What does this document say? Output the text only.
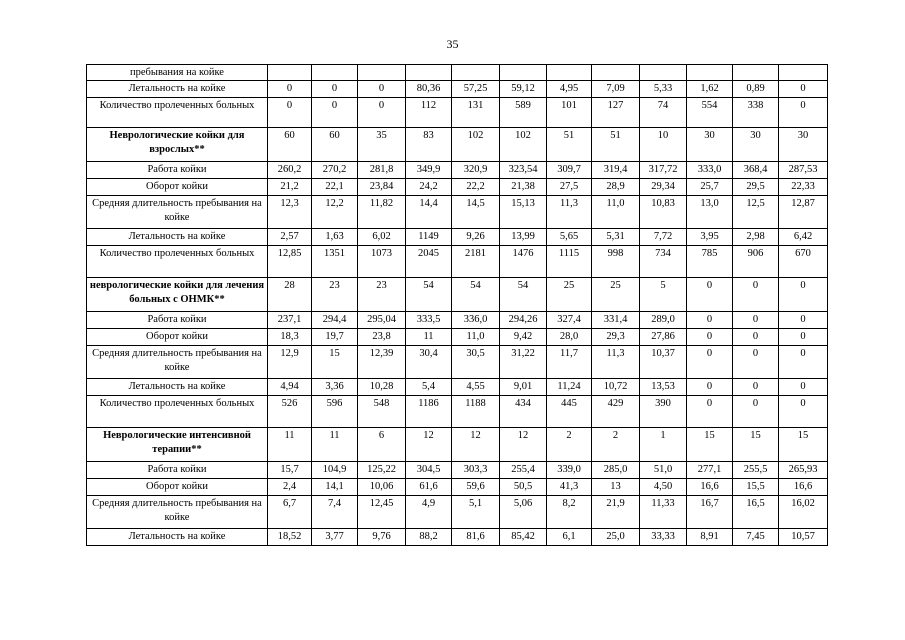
35
пребывания на койке												
Летальность на койке	0	0	0	80,36	57,25	59,12	4,95	7,09	5,33	1,62	0,89	0
Количество пролеченных больных	0	0	0	112	131	589	101	127	74	554	338	0
Неврологические койки для взрослых**	60	60	35	83	102	102	51	51	10	30	30	30
Работа койки	260,2	270,2	281,8	349,9	320,9	323,54	309,7	319,4	317,72	333,0	368,4	287,53
Оборот койки	21,2	22,1	23,84	24,2	22,2	21,38	27,5	28,9	29,34	25,7	29,5	22,33
Средняя длительность пребывания на койке	12,3	12,2	11,82	14,4	14,5	15,13	11,3	11,0	10,83	13,0	12,5	12,87
Летальность на койке	2,57	1,63	6,02	1149	9,26	13,99	5,65	5,31	7,72	3,95	2,98	6,42
Количество пролеченных больных	12,85	1351	1073	2045	2181	1476	1115	998	734	785	906	670
неврологические койки для лечения больных с ОНМК**	28	23	23	54	54	54	25	25	5	0	0	0
Работа койки	237,1	294,4	295,04	333,5	336,0	294,26	327,4	331,4	289,0	0	0	0
Оборот койки	18,3	19,7	23,8	11	11,0	9,42	28,0	29,3	27,86	0	0	0
Средняя длительность пребывания на койке	12,9	15	12,39	30,4	30,5	31,22	11,7	11,3	10,37	0	0	0
Летальность на койке	4,94	3,36	10,28	5,4	4,55	9,01	11,24	10,72	13,53	0	0	0
Количество пролеченных больных	526	596	548	1186	1188	434	445	429	390	0	0	0
Неврологические интенсивной терапии**	11	11	6	12	12	12	2	2	1	15	15	15
Работа койки	15,7	104,9	125,22	304,5	303,3	255,4	339,0	285,0	51,0	277,1	255,5	265,93
Оборот койки	2,4	14,1	10,06	61,6	59,6	50,5	41,3	13	4,50	16,6	15,5	16,6
Средняя длительность пребывания на койке	6,7	7,4	12,45	4,9	5,1	5,06	8,2	21,9	11,33	16,7	16,5	16,02
Летальность на койке	18,52	3,77	9,76	88,2	81,6	85,42	6,1	25,0	33,33	8,91	7,45	10,57
